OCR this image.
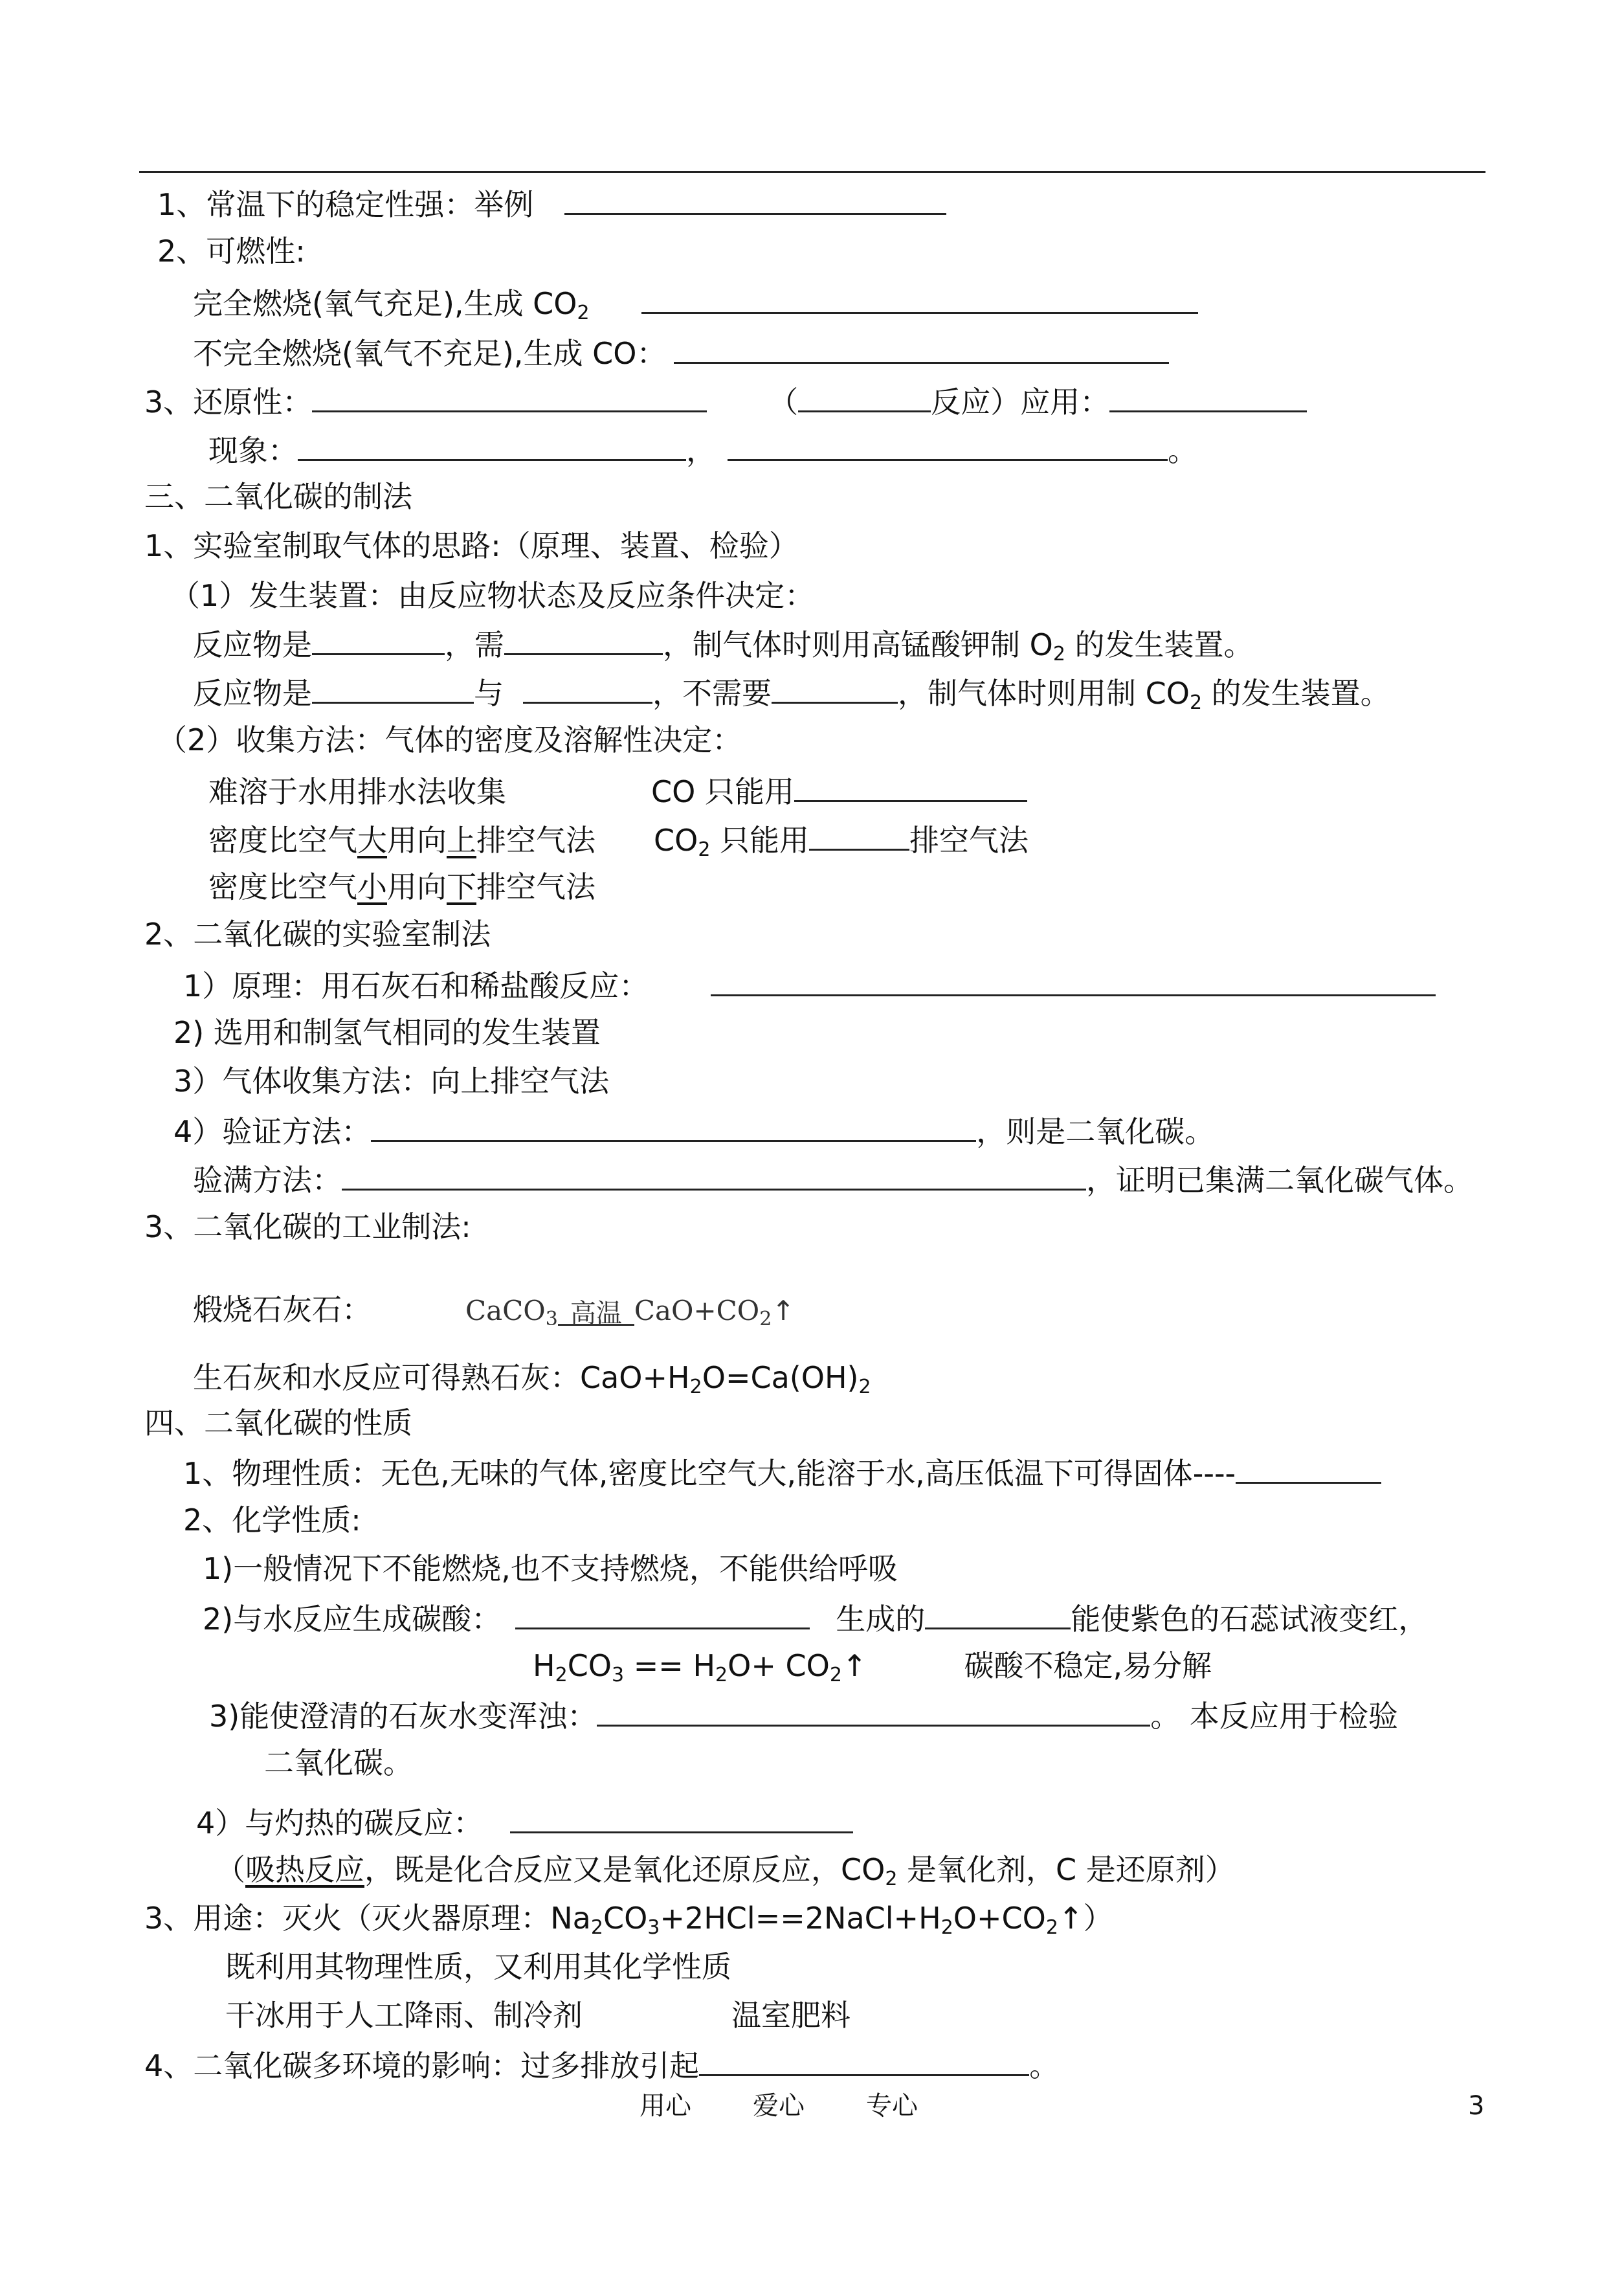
1、常温下的稳定性强：举例
2、可燃性:
完全燃烧(氧气充足),生成 $CO_2$
不完全燃烧(氧气不充足),生成 CO：
3、还原性：	（	反应）应用：
现象：	，	。
三、二氧化碳的制法
1、实验室制取气体的思路:（原理、装置、检验）
（1）发生装置：由反应物状态及反应条件决定：
反应物是	，需	，制气体时则用高锰酸钾制 $O_2$ 的发生装置。
反应物是	与	，不需要	，制气体时则用制 $CO_2$ 的发生装置。
（2）收集方法：气体的密度及溶解性决定：
难溶于水用排水法收集	CO 只能用
密度比空气大用向上排空气法 $CO_2$ 只能用	排空气法
密度比空气小用向下排空气法
2、二氧化碳的实验室制法
1）原理：用石灰石和稀盐酸反应：
2) 选用和制氢气相同的发生装置
3）气体收集方法：向上排空气法
4）验证方法：	，则是二氧化碳。
验满方法：	，证明已集满二氧化碳气体。
3、二氧化碳的工业制法:
煅烧石灰石：	CaCO$_3$ 高温 $CaO+CO_2↑$
生石灰和水反应可得熟石灰：$CaO+H_2O=Ca(OH)_2$
四、二氧化碳的性质
1、物理性质：无色,无味的气体,密度比空气大,能溶于水,高压低温下可得固体----
2、化学性质:
1)一般情况下不能燃烧,也不支持燃烧，不能供给呼吸
2)与水反应生成碳酸：	生成的	能使紫色的石蕊试液变红，
$H_2CO_3 == H_2O+$ $CO_2↑$	碳酸不稳定,易分解
3)能使澄清的石灰水变浑浊：	。 本反应用于检验
二氧化碳。
4）与灼热的碳反应：
（吸热反应，既是化合反应又是氧化还原反应，$CO_2$ 是氧化剂，C 是还原剂）
3、用途：灭火（灭火器原理：$Na_2CO_3+2HCl==2NaCl+H_2O+CO_2↑$）
既利用其物理性质，又利用其化学性质
干冰用于人工降雨、制冷剂	温室肥料
4、二氧化碳多环境的影响：过多排放引起	。
用心 爱心 专心	3
